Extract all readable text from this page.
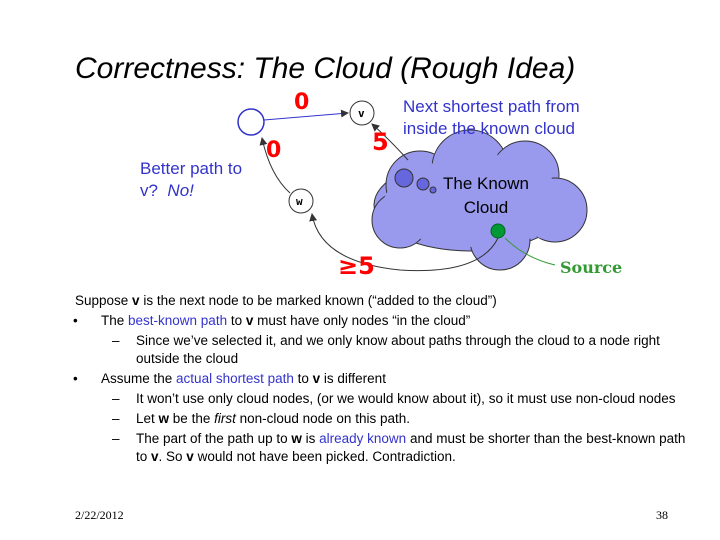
Correctness: The Cloud (Rough Idea)
v
w
0
0	5
≥5
Next shortest path from
inside the known cloud
Better path to
v? No!	The Known
Cloud
Source

Suppose v is the next node to be marked known (“added to the cloud”)

• The best-known path to v must have only nodes “in the cloud”
– Since we’ve selected it, and we only know about paths through the cloud to a node right outside the cloud
• Assume the actual shortest path to v is different
– It won’t use only cloud nodes, (or we would know about it), so it must use non-cloud nodes
– Let w be the first non-cloud node on this path.
– The part of the path up to w is already known and must be shorter than the best-known path to v. So v would not have been picked. Contradiction.
2/22/2012	38
